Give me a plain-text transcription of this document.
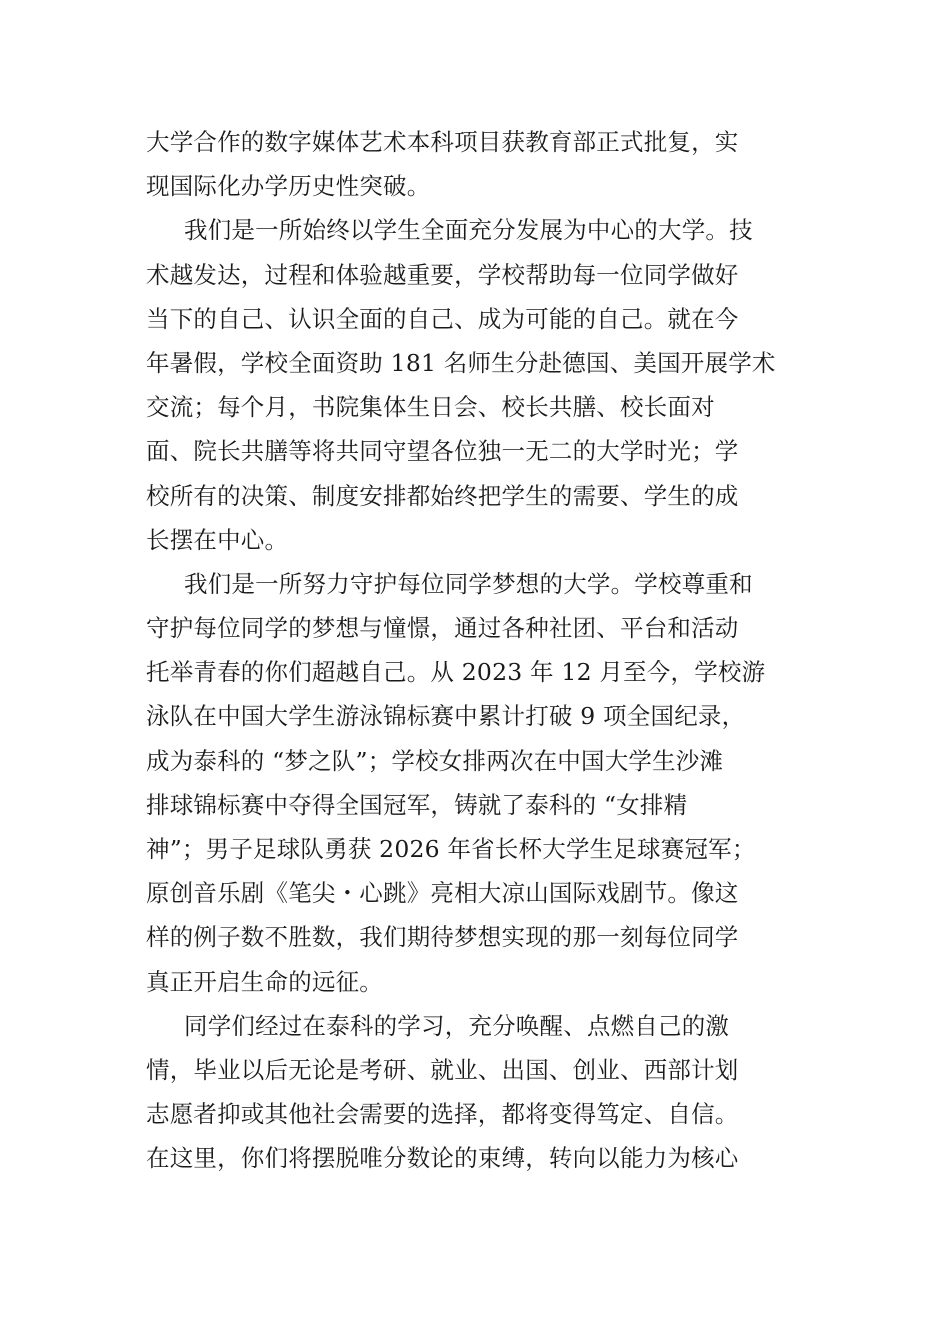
大学合作的数字媒体艺术本科项目获教育部正式批复，实
现国际化办学历史性突破。
我们是一所始终以学生全面充分发展为中心的大学。技
术越发达，过程和体验越重要，学校帮助每一位同学做好
当下的自己、认识全面的自己、成为可能的自己。就在今
年暑假，学校全面资助 181 名师生分赴德国、美国开展学术
交流；每个月，书院集体生日会、校长共膳、校长面对
面、院长共膳等将共同守望各位独一无二的大学时光；学
校所有的决策、制度安排都始终把学生的需要、学生的成
长摆在中心。
我们是一所努力守护每位同学梦想的大学。学校尊重和
守护每位同学的梦想与憧憬，通过各种社团、平台和活动
托举青春的你们超越自己。从 2023 年 12 月至今，学校游
泳队在中国大学生游泳锦标赛中累计打破 9 项全国纪录，
成为泰科的 “梦之队”；学校女排两次在中国大学生沙滩
排球锦标赛中夺得全国冠军，铸就了泰科的 “女排精
神”；男子足球队勇获 2026 年省长杯大学生足球赛冠军；
原创音乐剧《笔尖・心跳》亮相大凉山国际戏剧节。像这
样的例子数不胜数，我们期待梦想实现的那一刻每位同学
真正开启生命的远征。
同学们经过在泰科的学习，充分唤醒、点燃自己的激
情，毕业以后无论是考研、就业、出国、创业、西部计划
志愿者抑或其他社会需要的选择，都将变得笃定、自信。
在这里，你们将摆脱唯分数论的束缚，转向以能力为核心
